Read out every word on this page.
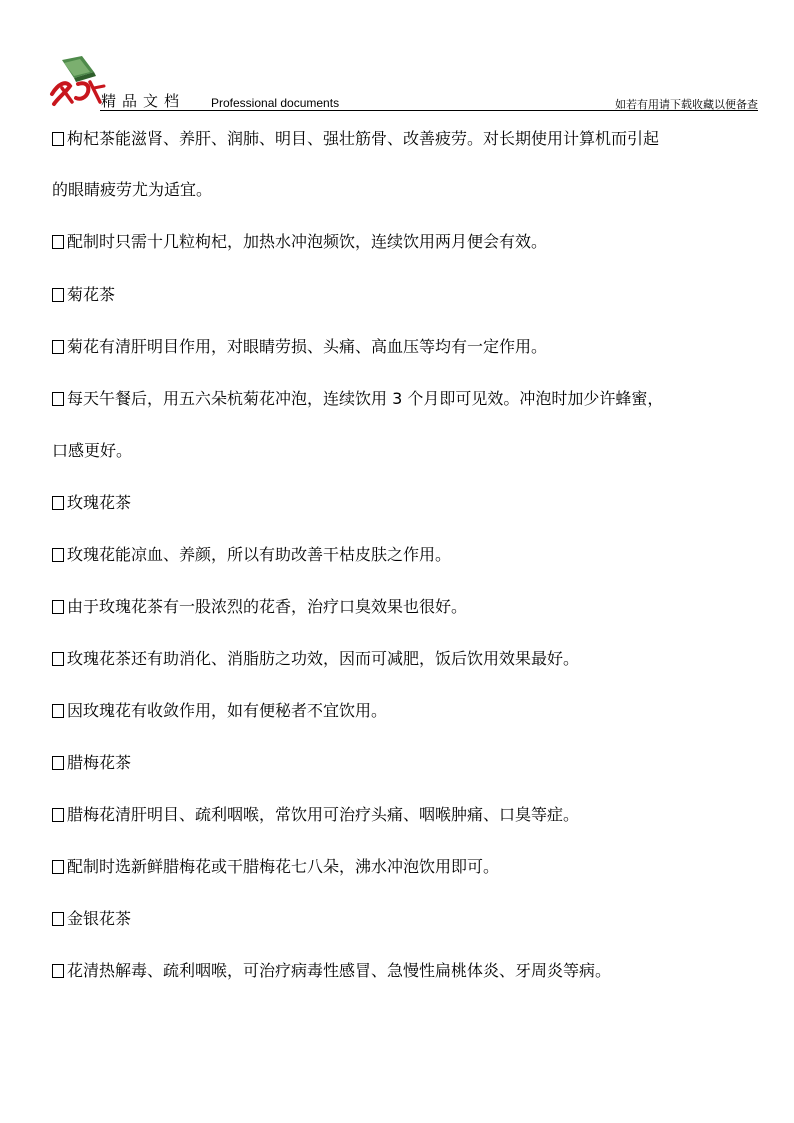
精品文档 Professional documents	如若有用请下载收藏以便备查
枸杞茶能滋肾、养肝、润肺、明目、强壮筋骨、改善疲劳。对长期使用计算机而引起
的眼睛疲劳尤为适宜。
配制时只需十几粒枸杞，加热水冲泡频饮，连续饮用两月便会有效。
菊花茶
菊花有清肝明目作用，对眼睛劳损、头痛、高血压等均有一定作用。
每天午餐后，用五六朵杭菊花冲泡，连续饮用 3 个月即可见效。冲泡时加少许蜂蜜，
口感更好。
玫瑰花茶
玫瑰花能凉血、养颜，所以有助改善干枯皮肤之作用。
由于玫瑰花茶有一股浓烈的花香，治疗口臭效果也很好。
玫瑰花茶还有助消化、消脂肪之功效，因而可减肥，饭后饮用效果最好。
因玫瑰花有收敛作用，如有便秘者不宜饮用。
腊梅花茶
腊梅花清肝明目、疏利咽喉，常饮用可治疗头痛、咽喉肿痛、口臭等症。
配制时选新鲜腊梅花或干腊梅花七八朵，沸水冲泡饮用即可。
金银花茶
花清热解毒、疏利咽喉，可治疗病毒性感冒、急慢性扁桃体炎、牙周炎等病。
